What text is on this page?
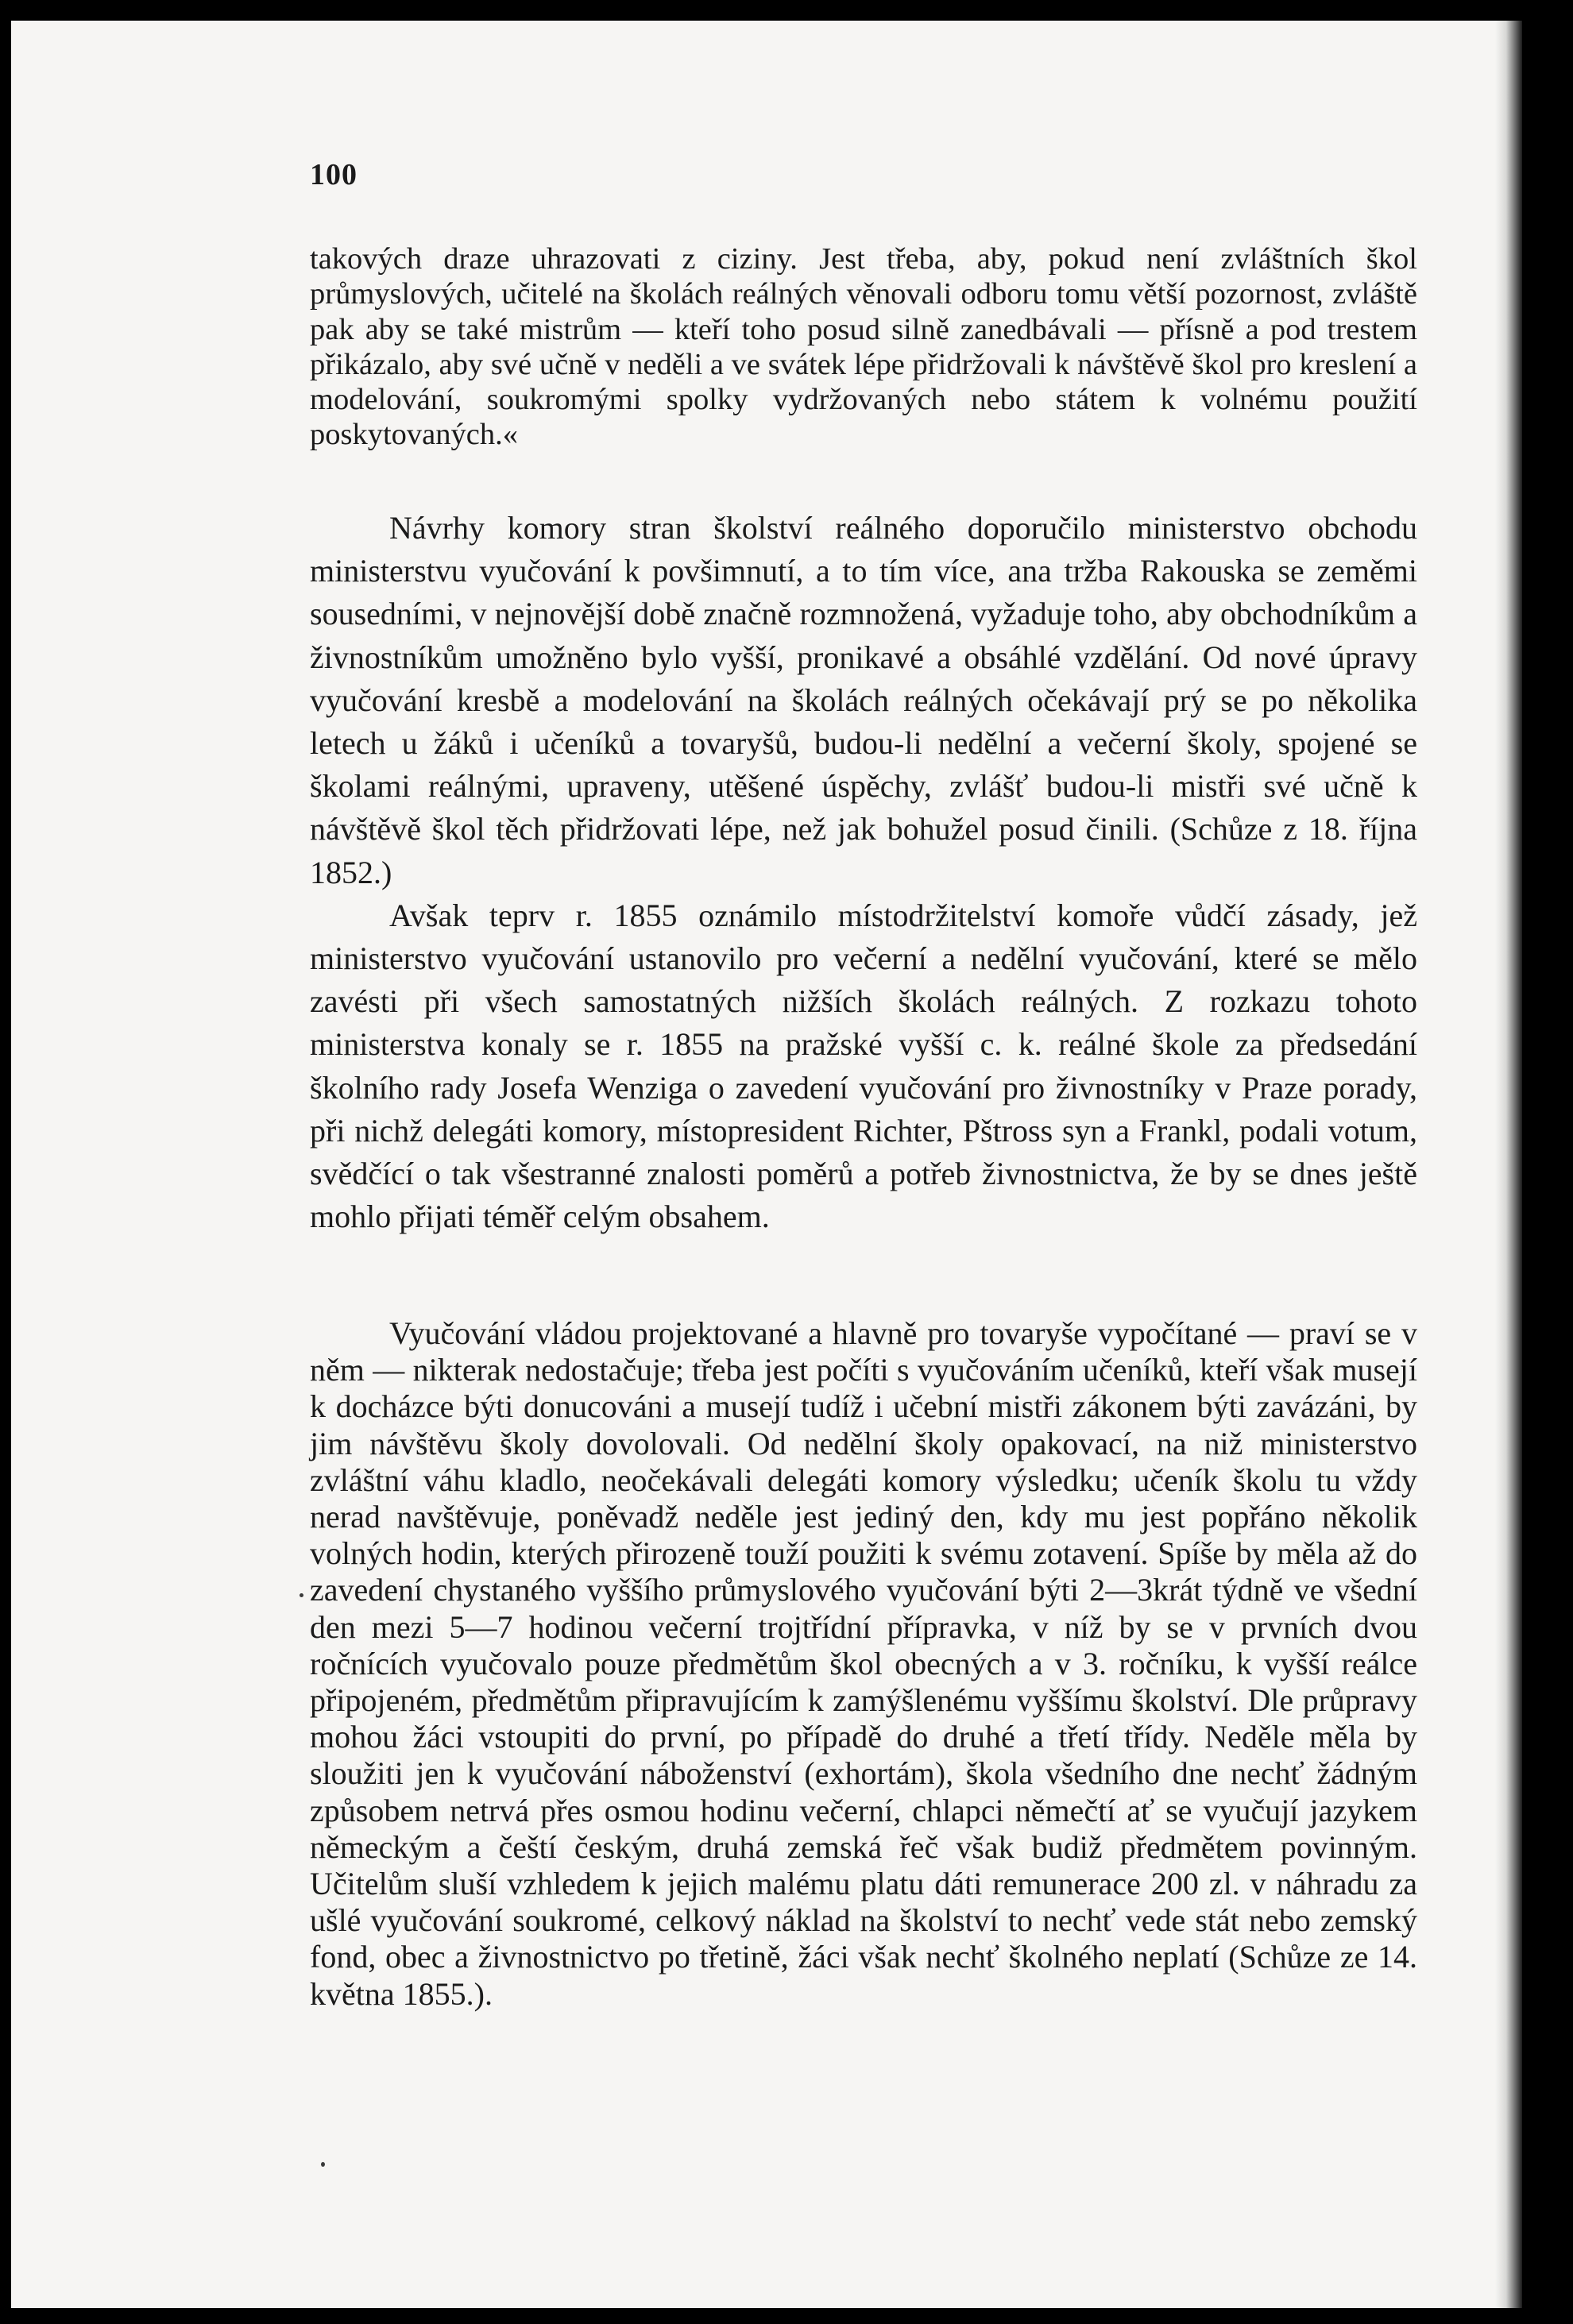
100

takových draze uhrazovati z ciziny. Jest třeba, aby, pokud není zvláštních škol průmyslových, učitelé na školách reálných věnovali odboru tomu větší pozornost, zvláště pak aby se také mistrům — kteří toho posud silně zanedbávali — přísně a pod trestem přikázalo, aby své učně v neděli a ve svátek lépe přidržovali k návštěvě škol pro kreslení a modelování, soukromými spolky vydržovaných nebo státem k volnému použití poskytovaných.«

Návrhy komory stran školství reálného doporučilo ministerstvo obchodu ministerstvu vyučování k povšimnutí, a to tím více, ana tržba Rakouska se zeměmi sousedními, v nejnovější době značně rozmnožená, vyžaduje toho, aby obchodníkům a živnostníkům umožněno bylo vyšší, pronikavé a obsáhlé vzdělání. Od nové úpravy vyučování kresbě a modelování na školách reálných očekávají prý se po několika letech u žáků i učeníků a tovaryšů, budou-li nedělní a večerní školy, spojené se školami reálnými, upraveny, utěšené úspěchy, zvlášť budou-li mistři své učně k návštěvě škol těch přidržovati lépe, než jak bohužel posud činili. (Schůze z 18. října 1852.)

Avšak teprv r. 1855 oznámilo místodržitelství komoře vůdčí zásady, jež ministerstvo vyučování ustanovilo pro večerní a nedělní vyučování, které se mělo zavésti při všech samostatných nižších školách reálných. Z rozkazu tohoto ministerstva konaly se r. 1855 na pražské vyšší c. k. reálné škole za předsedání školního rady Josefa Wenziga o zavedení vyučování pro živnostníky v Praze porady, při nichž delegáti komory, místopresident Richter, Pštross syn a Frankl, podali votum, svědčící o tak všestranné znalosti poměrů a potřeb živnostnictva, že by se dnes ještě mohlo přijati téměř celým obsahem.

Vyučování vládou projektované a hlavně pro tovaryše vypočítané — praví se v něm — nikterak nedostačuje; třeba jest počíti s vyučováním učeníků, kteří však musejí k docházce býti donucováni a musejí tudíž i učební mistři zákonem býti zavázáni, by jim návštěvu školy dovolovali. Od nedělní školy opakovací, na niž ministerstvo zvláštní váhu kladlo, neočekávali delegáti komory výsledku; učeník školu tu vždy nerad navštěvuje, poněvadž neděle jest jediný den, kdy mu jest popřáno několik volných hodin, kterých přirozeně touží použiti k svému zotavení. Spíše by měla až do zavedení chystaného vyššího průmyslového vyučování býti 2—3krát týdně ve všední den mezi 5—7 hodinou večerní trojtřídní přípravka, v níž by se v prvních dvou ročnících vyučovalo pouze předmětům škol obecných a v 3. ročníku, k vyšší reálce připojeném, předmětům připravujícím k zamýšlenému vyššímu školství. Dle průpravy mohou žáci vstoupiti do první, po případě do druhé a třetí třídy. Neděle měla by sloužiti jen k vyučování náboženství (exhortám), škola všedního dne nechť žádným způsobem netrvá přes osmou hodinu večerní, chlapci němečtí ať se vyučují jazykem německým a čeští českým, druhá zemská řeč však budiž předmětem povinným. Učitelům sluší vzhledem k jejich malému platu dáti remunerace 200 zl. v náhradu za ušlé vyučování soukromé, celkový náklad na školství to nechť vede stát nebo zemský fond, obec a živnostnictvo po třetině, žáci však nechť školného neplatí (Schůze ze 14. května 1855.).
